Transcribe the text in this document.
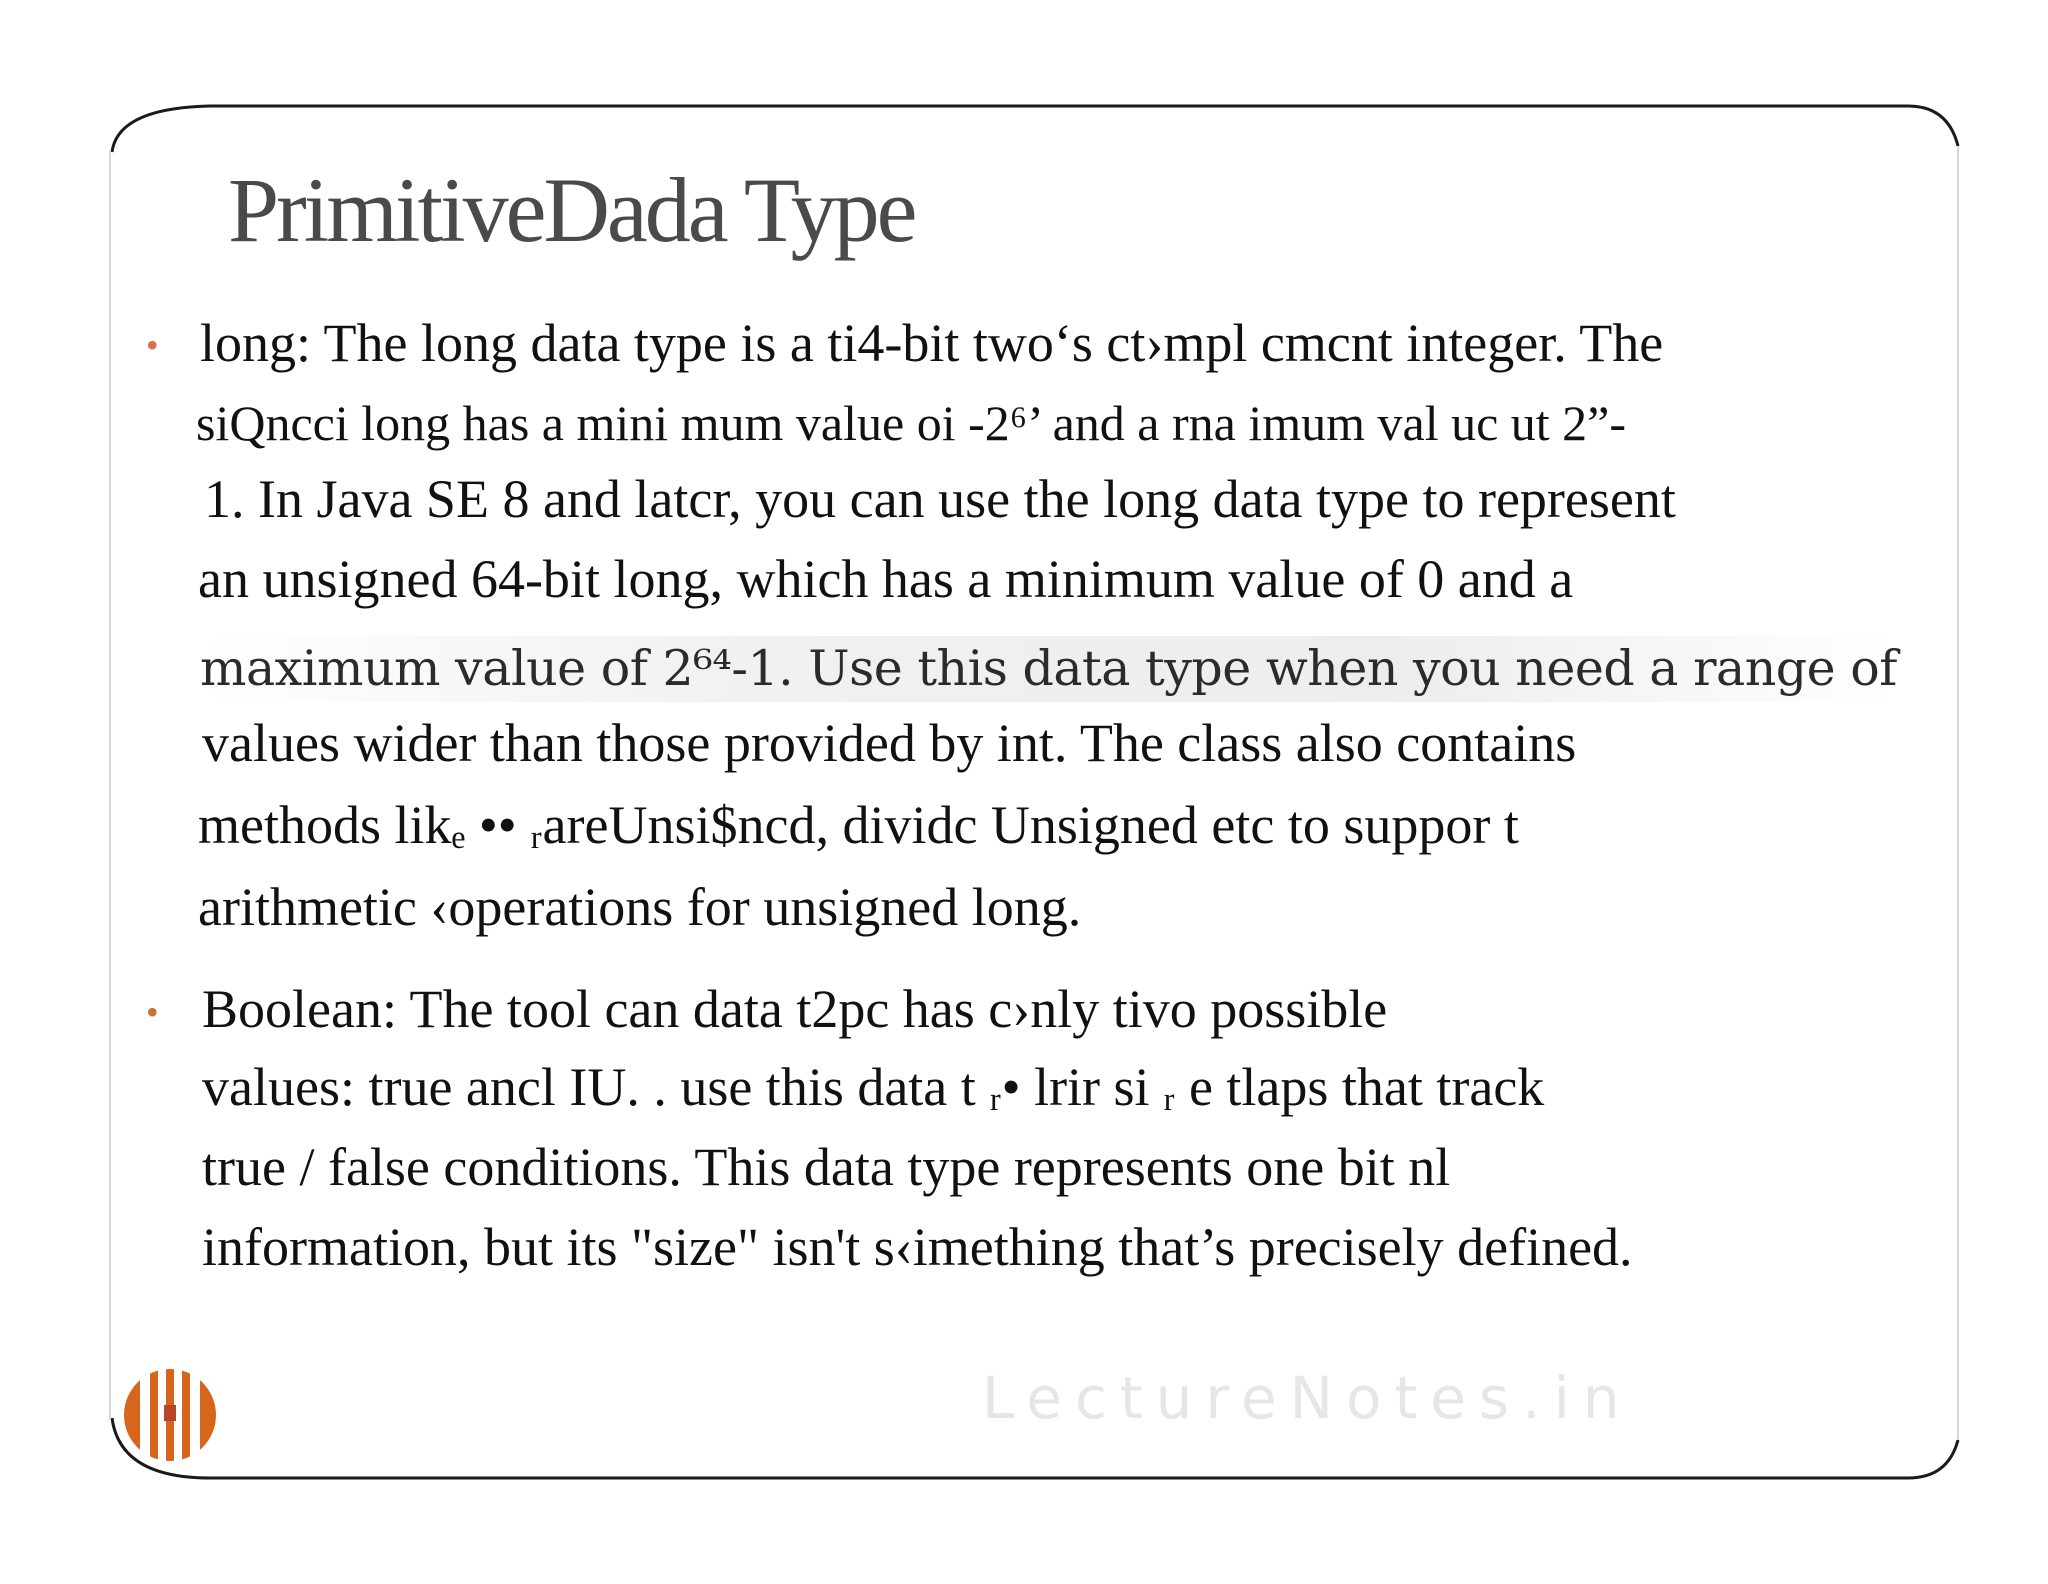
PrimitiveDada Type
• long: The long data type is a ti4-bit two‘s ct›mpl cmcnt integer. The
siQncci long has a mini mum value oi -2⁶’ and a rna imum val uc ut 2”-
1. In Java SE 8 and latcr, you can use the long data type to represent
an unsigned 64-bit long, which has a minimum value of 0 and a
maximum value of 2⁶⁴-1. Use this data type when you need a range of
values wider than those provided by int. The class also contains
methods likₑ •• ᵣareUnsi$ncd, dividc Unsigned etc to suppor t
arithmetic ‹operations for unsigned long.
• Boolean: The tool can data t2pc has c›nly tivo possible
values: true ancl IU. . use this data t ᵣ• lrir si ᵣ e tlaps that track
true / false conditions. This data type represents one bit nl
information, but its "size" isn't s‹imething that’s precisely defined.
LectureNotes.in
